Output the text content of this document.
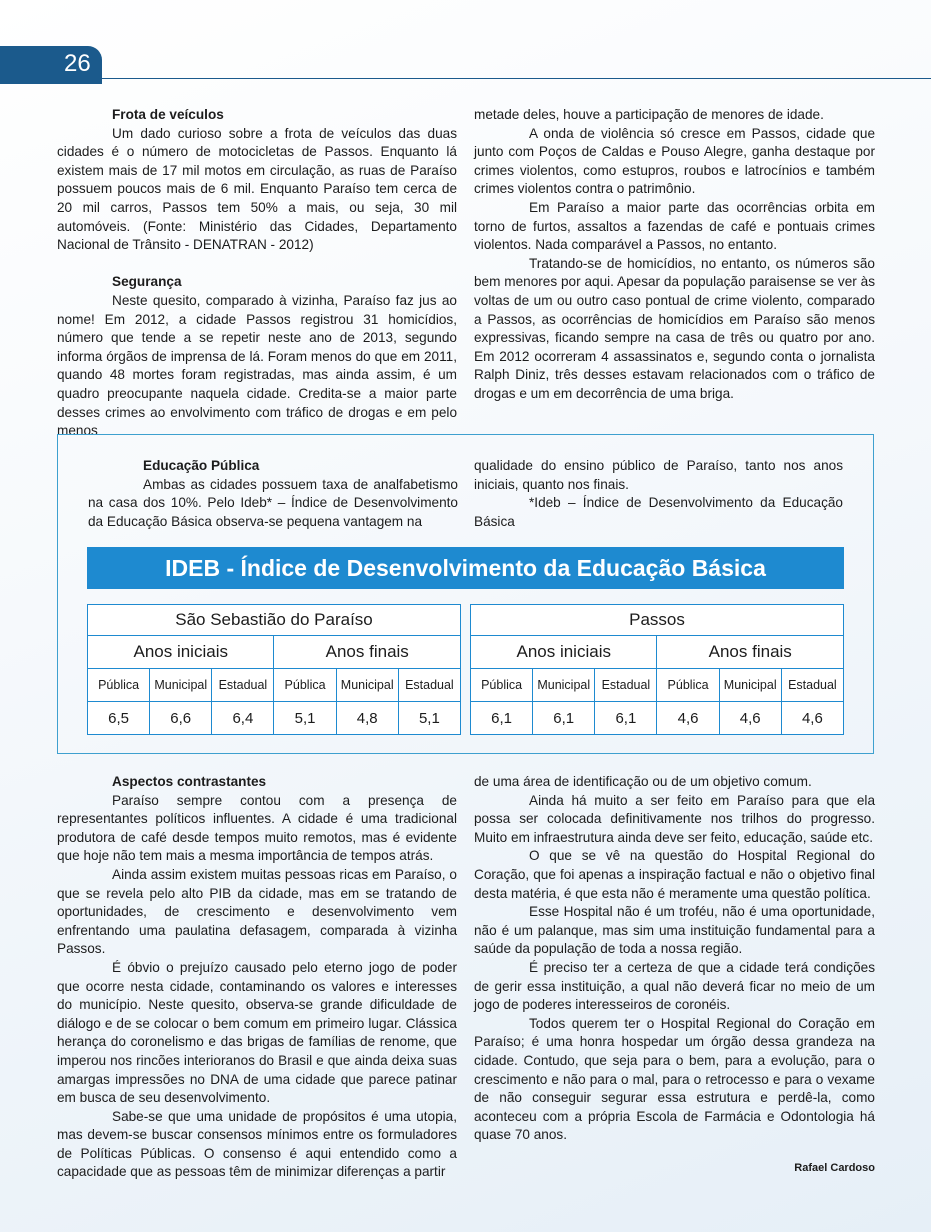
26
Frota de veículos

Um dado curioso sobre a frota de veículos das duas cidades é o número de motocicletas de Passos. Enquanto lá existem mais de 17 mil motos em circulação, as ruas de Paraíso possuem poucos mais de 6 mil. Enquanto Paraíso tem cerca de 20 mil carros, Passos tem 50% a mais, ou seja, 30 mil automóveis. (Fonte: Ministério das Cidades, Departamento Nacional de Trânsito - DENATRAN - 2012)

Segurança

Neste quesito, comparado à vizinha, Paraíso faz jus ao nome! Em 2012, a cidade Passos registrou 31 homicídios, número que tende a se repetir neste ano de 2013, segundo informa órgãos de imprensa de lá. Foram menos do que em 2011, quando 48 mortes foram registradas, mas ainda assim, é um quadro preocupante naquela cidade. Credita-se a maior parte desses crimes ao envolvimento com tráfico de drogas e em pelo menos

metade deles, houve a participação de menores de idade.

A onda de violência só cresce em Passos, cidade que junto com Poços de Caldas e Pouso Alegre, ganha destaque por crimes violentos, como estupros, roubos e latrocínios e também crimes violentos contra o patrimônio.

Em Paraíso a maior parte das ocorrências orbita em torno de furtos, assaltos a fazendas de café e pontuais crimes violentos. Nada comparável a Passos, no entanto.

Tratando-se de homicídios, no entanto, os números são bem menores por aqui. Apesar da população paraisense se ver às voltas de um ou outro caso pontual de crime violento, comparado a Passos, as ocorrências de homicídios em Paraíso são menos expressivas, ficando sempre na casa de três ou quatro por ano. Em 2012 ocorreram 4 assassinatos e, segundo conta o jornalista Ralph Diniz, três desses estavam relacionados com o tráfico de drogas e um em decorrência de uma briga.

Educação Pública

Ambas as cidades possuem taxa de analfabetismo na casa dos 10%. Pelo Ideb* – Índice de Desenvolvimento da Educação Básica observa-se pequena vantagem na

qualidade do ensino público de Paraíso, tanto nos anos iniciais, quanto nos finais.

*Ideb – Índice de Desenvolvimento da Educação Básica

IDEB - Índice de Desenvolvimento da Educação Básica
São Sebastião do Paraíso					
Anos iniciais			Anos finais		
Pública	Municipal	Estadual	Pública	Municipal	Estadual
6,5	6,6	6,4	5,1	4,8	5,1
Passos					
Anos iniciais			Anos finais		
Pública	Municipal	Estadual	Pública	Municipal	Estadual
6,1	6,1	6,1	4,6	4,6	4,6
Aspectos contrastantes

Paraíso sempre contou com a presença de representantes políticos influentes. A cidade é uma tradicional produtora de café desde tempos muito remotos, mas é evidente que hoje não tem mais a mesma importância de tempos atrás.

Ainda assim existem muitas pessoas ricas em Paraíso, o que se revela pelo alto PIB da cidade, mas em se tratando de oportunidades, de crescimento e desenvolvimento vem enfrentando uma paulatina defasagem, comparada à vizinha Passos.

É óbvio o prejuízo causado pelo eterno jogo de poder que ocorre nesta cidade, contaminando os valores e interesses do município. Neste quesito, observa-se grande dificuldade de diálogo e de se colocar o bem comum em primeiro lugar. Clássica herança do coronelismo e das brigas de famílias de renome, que imperou nos rincões interioranos do Brasil e que ainda deixa suas amargas impressões no DNA de uma cidade que parece patinar em busca de seu desenvolvimento.

Sabe-se que uma unidade de propósitos é uma utopia, mas devem-se buscar consensos mínimos entre os formuladores de Políticas Públicas. O consenso é aqui entendido como a capacidade que as pessoas têm de minimizar diferenças a partir

de uma área de identificação ou de um objetivo comum.

Ainda há muito a ser feito em Paraíso para que ela possa ser colocada definitivamente nos trilhos do progresso. Muito em infraestrutura ainda deve ser feito, educação, saúde etc.

O que se vê na questão do Hospital Regional do Coração, que foi apenas a inspiração factual e não o objetivo final desta matéria, é que esta não é meramente uma questão política.

Esse Hospital não é um troféu, não é uma oportunidade, não é um palanque, mas sim uma instituição fundamental para a saúde da população de toda a nossa região.

É preciso ter a certeza de que a cidade terá condições de gerir essa instituição, a qual não deverá ficar no meio de um jogo de poderes interesseiros de coronéis.

Todos querem ter o Hospital Regional do Coração em Paraíso; é uma honra hospedar um órgão dessa grandeza na cidade. Contudo, que seja para o bem, para a evolução, para o crescimento e não para o mal, para o retrocesso e para o vexame de não conseguir segurar essa estrutura e perdê-la, como aconteceu com a própria Escola de Farmácia e Odontologia há quase 70 anos.

Rafael Cardoso
